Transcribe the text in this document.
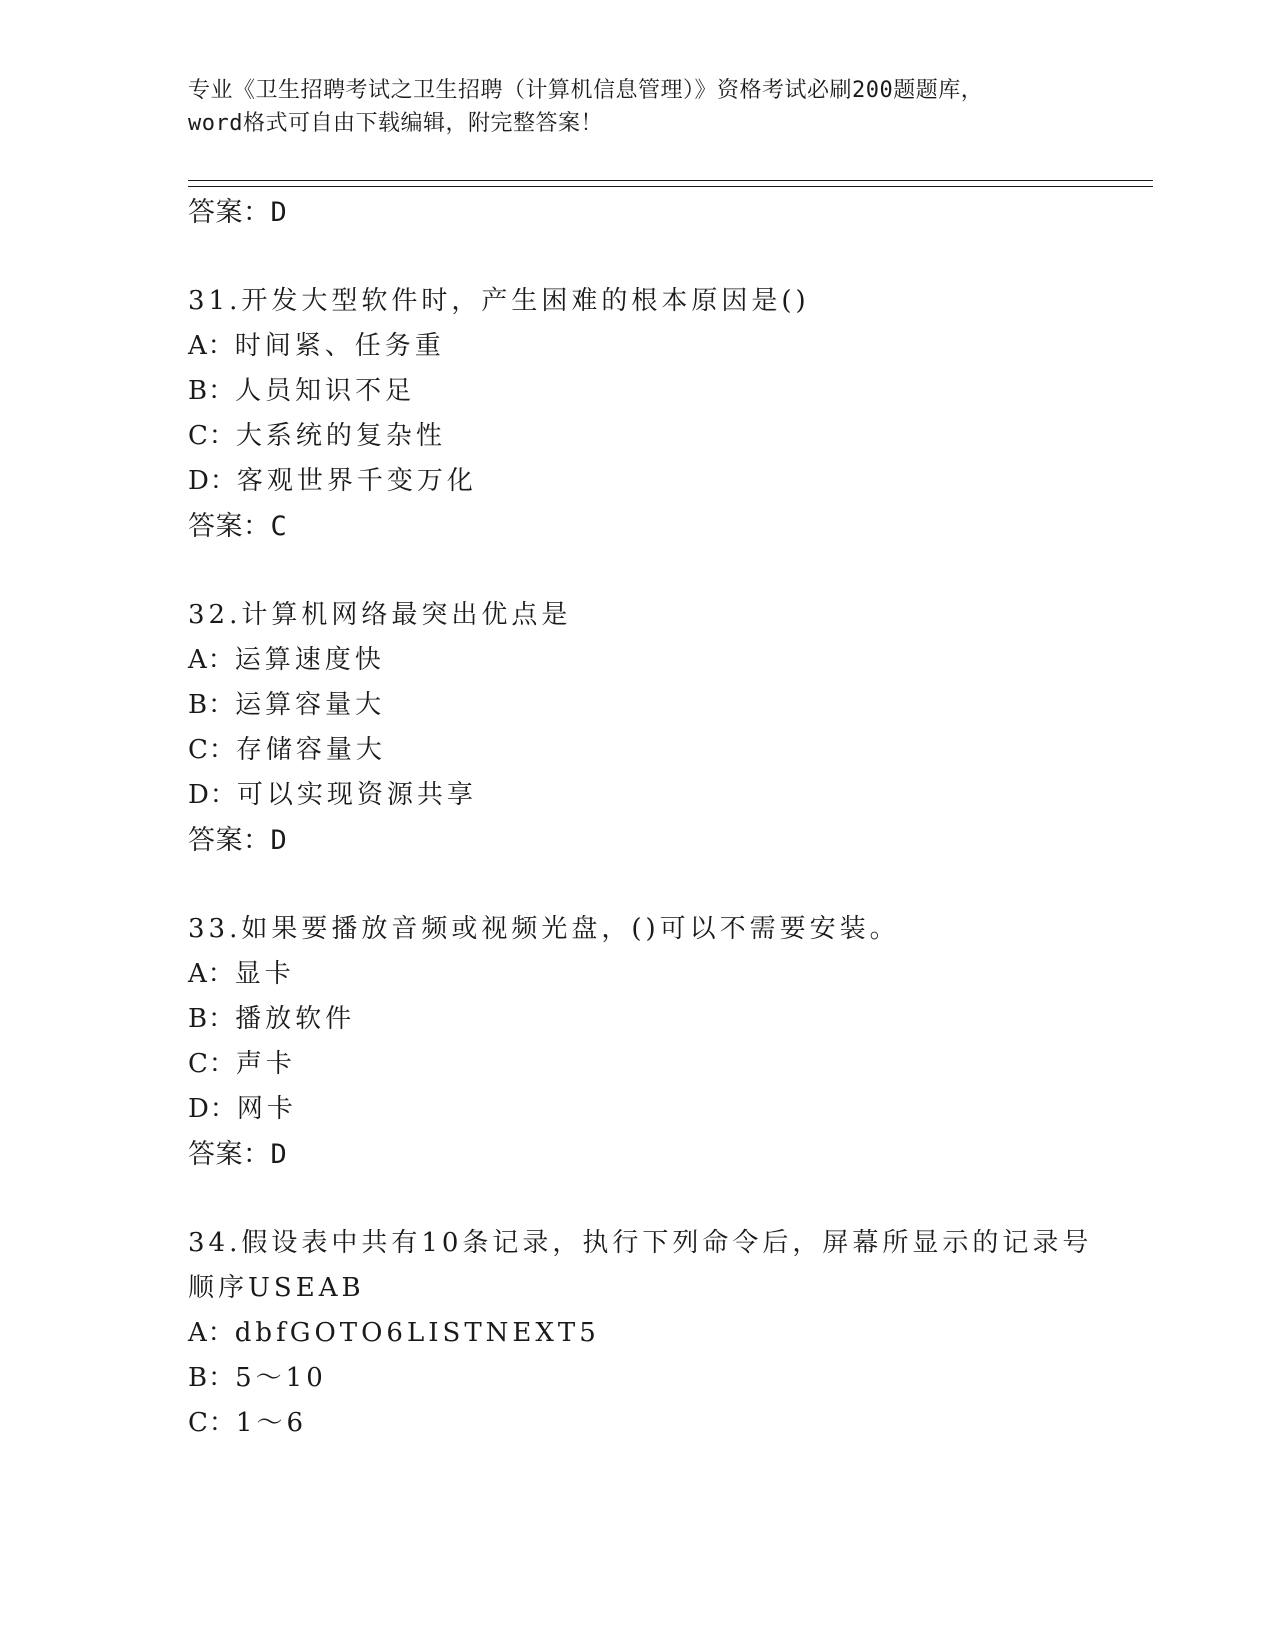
专业《卫生招聘考试之卫生招聘（计算机信息管理）》资格考试必刷200题题库，
word格式可自由下载编辑，附完整答案！
答案：D
31.开发大型软件时，产生困难的根本原因是()
A：时间紧、任务重
B：人员知识不足
C：大系统的复杂性
D：客观世界千变万化
答案：C
32.计算机网络最突出优点是
A：运算速度快
B：运算容量大
C：存储容量大
D：可以实现资源共享
答案：D
33.如果要播放音频或视频光盘，()可以不需要安装。
A：显卡
B：播放软件
C：声卡
D：网卡
答案：D
34.假设表中共有10条记录，执行下列命令后，屏幕所显示的记录号
顺序USEAB
A：dbfGOTO6LISTNEXT5
B：5～10
C：1～6
